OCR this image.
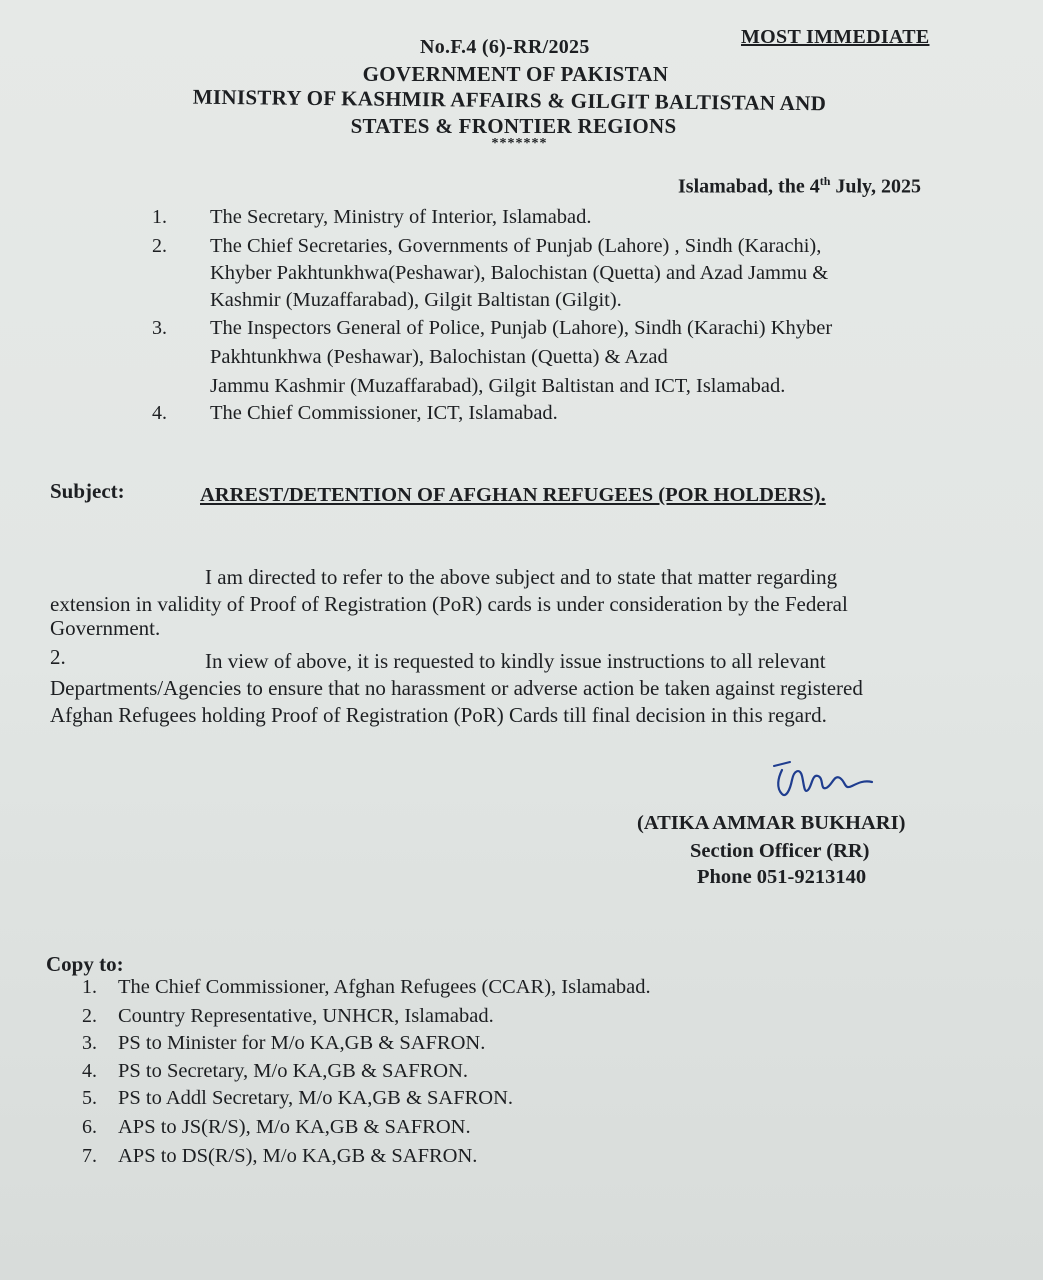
MOST IMMEDIATE
No.F.4 (6)-RR/2025
GOVERNMENT OF PAKISTAN
MINISTRY OF KASHMIR AFFAIRS & GILGIT BALTISTAN AND
STATES & FRONTIER REGIONS
*******
Islamabad, the 4th July, 2025
1. The Secretary, Ministry of Interior, Islamabad.
2. The Chief Secretaries, Governments of Punjab (Lahore) , Sindh (Karachi),
Khyber Pakhtunkhwa(Peshawar), Balochistan (Quetta) and Azad Jammu &
Kashmir (Muzaffarabad), Gilgit Baltistan (Gilgit).
3. The Inspectors General of Police, Punjab (Lahore), Sindh (Karachi) Khyber
Pakhtunkhwa (Peshawar), Balochistan (Quetta) & Azad
Jammu Kashmir (Muzaffarabad), Gilgit Baltistan and ICT, Islamabad.
4. The Chief Commissioner, ICT, Islamabad.
Subject:	ARREST/DETENTION OF AFGHAN REFUGEES (POR HOLDERS).
I am directed to refer to the above subject and to state that matter regarding
extension in validity of Proof of Registration (PoR) cards is under consideration by the Federal
Government.
2.	In view of above, it is requested to kindly issue instructions to all relevant
Departments/Agencies to ensure that no harassment or adverse action be taken against registered
Afghan Refugees holding Proof of Registration (PoR) Cards till final decision in this regard.
(ATIKA AMMAR BUKHARI)
Section Officer (RR)
Phone 051-9213140
Copy to:
1. The Chief Commissioner, Afghan Refugees (CCAR), Islamabad.
2. Country Representative, UNHCR, Islamabad.
3. PS to Minister for M/o KA,GB & SAFRON.
4. PS to Secretary, M/o KA,GB & SAFRON.
5. PS to Addl Secretary, M/o KA,GB & SAFRON.
6. APS to JS(R/S), M/o KA,GB & SAFRON.
7. APS to DS(R/S), M/o KA,GB & SAFRON.
